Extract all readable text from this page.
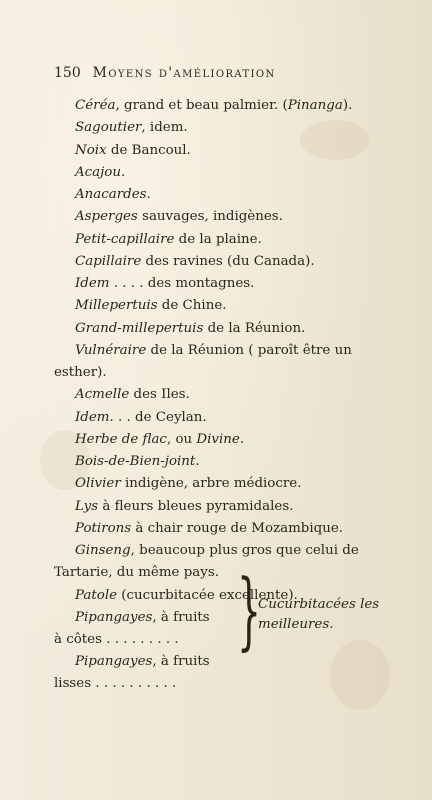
150 Moyens d'amélioration
Céréa, grand et beau palmier. (Pinanga).
Sagoutier, idem.
Noix de Bancoul.
Acajou.
Anacardes.
Asperges sauvages, indigènes.
Petit-capillaire de la plaine.
Capillaire des ravines (du Canada).
Idem . . . . des montagnes.
Millepertuis de Chine.
Grand-millepertuis de la Réunion.
Vulnéraire de la Réunion ( paroît être un
esther).
Acmelle des Iles.
Idem. . . de Ceylan.
Herbe de flac, ou Divine.
Bois-de-Bien-joint.
Olivier indigène, arbre médiocre.
Lys à fleurs bleues pyramidales.
Potirons à chair rouge de Mozambique.
Ginseng, beaucoup plus gros que celui de
Tartarie, du même pays.
Patole (cucurbitacée excellente).
Pipangayes, à fruits
à côtes . . . . . . . . .
Pipangayes, à fruits
lisses . . . . . . . . . .
}
Cucurbitacées les
meilleures.
